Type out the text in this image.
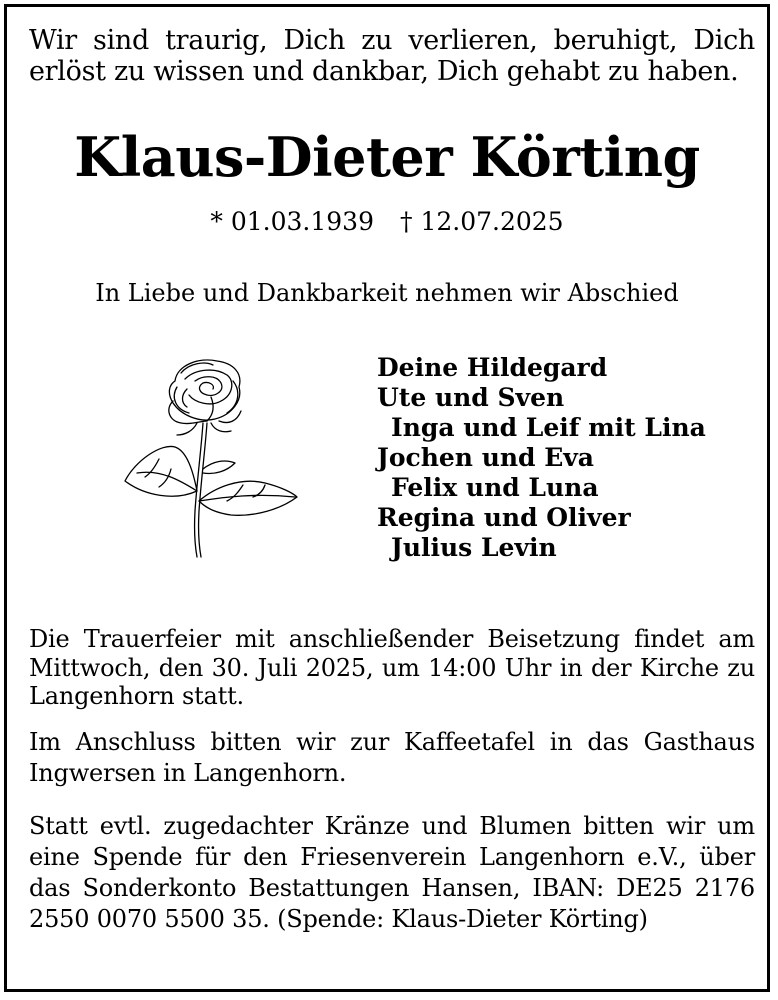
Wir sind traurig, Dich zu verlieren, beruhigt, Dich erlöst zu wissen und dankbar, Dich gehabt zu haben.
Klaus-Dieter Körting
* 01.03.1939 † 12.07.2025
In Liebe und Dankbarkeit nehmen wir Abschied
Deine Hildegard
Ute und Sven
Inga und Leif mit Lina
Jochen und Eva
Felix und Luna
Regina und Oliver
Julius Levin
Die Trauerfeier mit anschließender Beisetzung findet am Mittwoch, den 30. Juli 2025, um 14:00 Uhr in der Kirche zu Langenhorn statt.
Im Anschluss bitten wir zur Kaffeetafel in das Gasthaus Ingwersen in Langenhorn.
Statt evtl. zugedachter Kränze und Blumen bitten wir um eine Spende für den Friesenverein Langenhorn e.V., über das Sonderkonto Bestattungen Hansen, IBAN: DE25 2176 2550 0070 5500 35. (Spende: Klaus-Dieter Körting)
